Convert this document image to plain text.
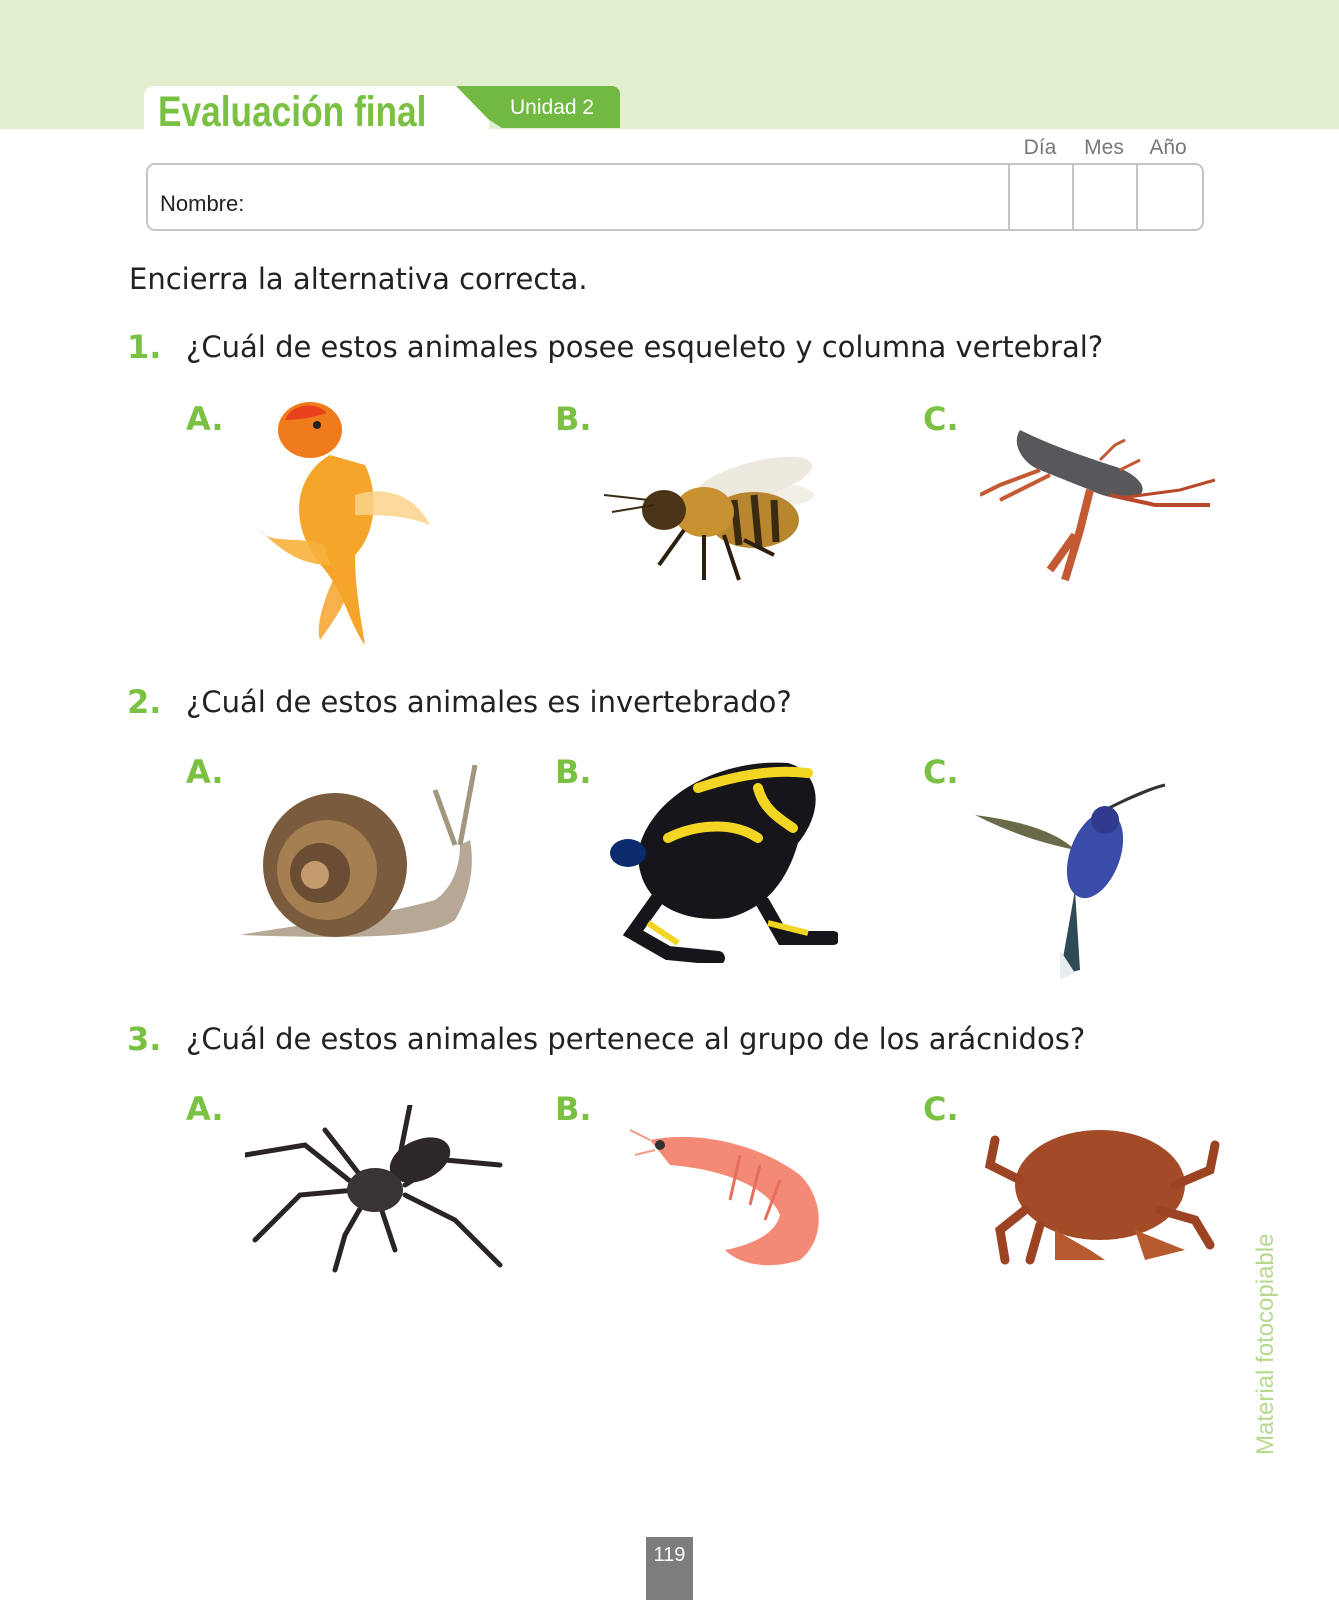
Evaluación final	Unidad 2
Día	Mes	Año
Nombre:
Encierra la alternativa correcta.
1. ¿Cuál de estos animales posee esqueleto y columna vertebral?
A.	B.	C.
2. ¿Cuál de estos animales es invertebrado?
A.	B.	C.
3. ¿Cuál de estos animales pertenece al grupo de los arácnidos?
A.	B.	C.
Material fotocopiable
119
